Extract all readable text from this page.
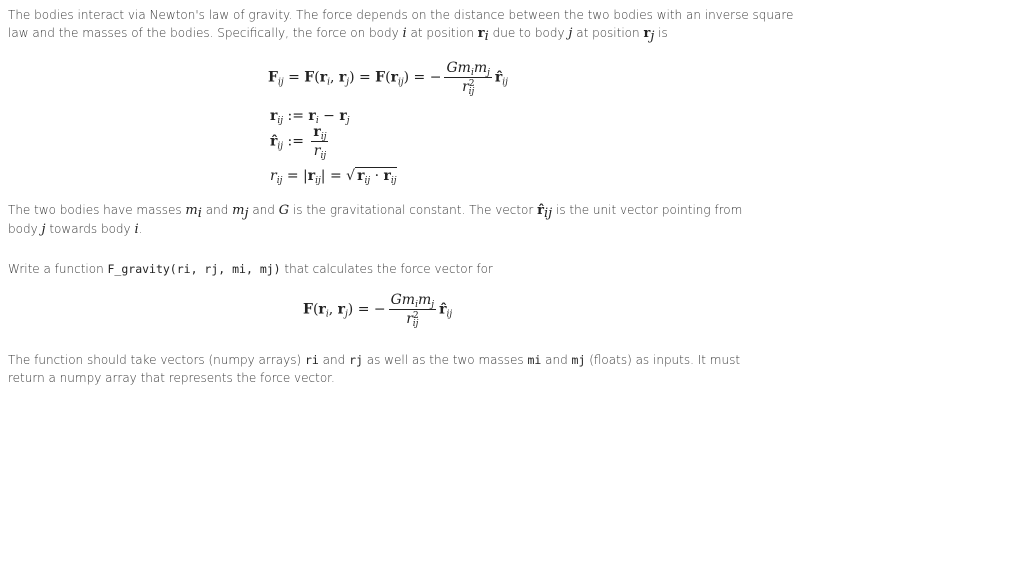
The bodies interact via Newton's law of gravity. The force depends on the distance between the two bodies with an inverse square law and the masses of the bodies. Specifically, the force on body i at position $r_i$ due to body j at position $r_j$ is
$F_{ij} = F(r_i$, $r_j) = F(r_{ij})$ = − $\frac{Gm_im_j}{r^2_{ij}}$ $r̂_{ij}$
$r_{ij}$ := $r_i - r_j$
$r̂_{ij}$ := $\frac{r_{ij}}{r_{ij}}$
$r_{ij} = |r_{ij}|$ = √ $r_{ij} \cdot r_{ij}$
The two bodies have masses $m_i$ and $m_j$ and G is the gravitational constant. The vector $r̂_{ij}$ is the unit vector pointing from body j towards body i.
Write a function F_gravity(ri, rj, mi, mj) that calculates the force vector for
$F(r_i$, $r_j$) = − $\frac{Gm_im_j}{r^2_{ij}}$ $r̂_{ij}$
The function should take vectors (numpy arrays) ri and rj as well as the two masses mi and mj (floats) as inputs. It must return a numpy array that represents the force vector.
